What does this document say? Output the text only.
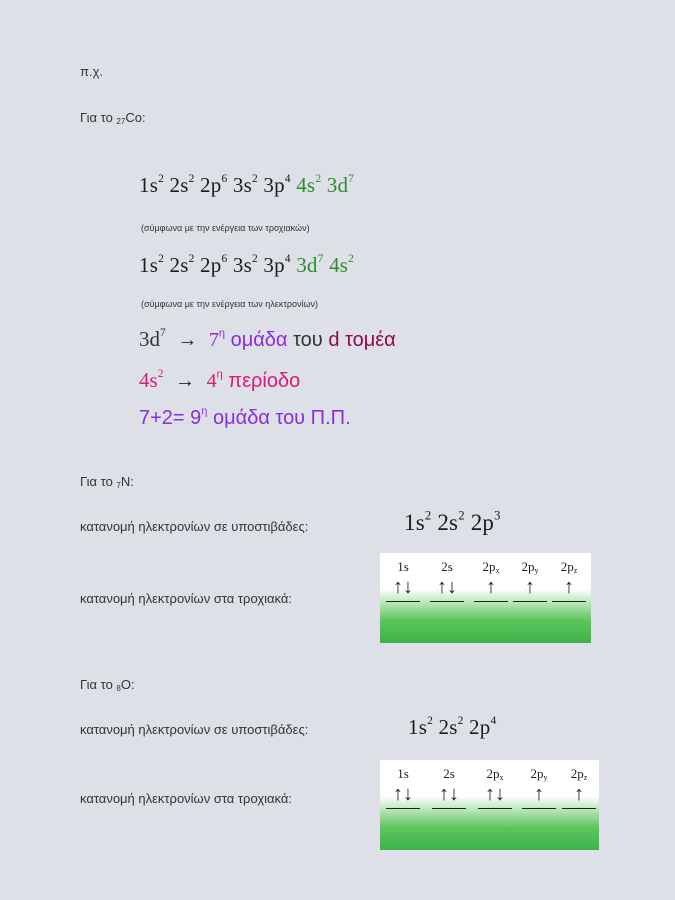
π.χ.
Για το $_{27}$Co:
$1s^2$ $2s^2$ $2p^6$ $3s^2$ $3p^4$ $4s^2$ $3d^7$
(σύμφωνα με την ενέργεια των τροχιακών)
$1s^2$ $2s^2$ $2p^6$ $3s^2$ $3p^4$ $3d^7$ $4s^2$
(σύμφωνα με την ενέργεια των ηλεκτρονίων)
$3d^7 \to 7^\eta$ ομάδα του d τομέα
$4s^2 \to 4^\eta$ περίοδο
$7+2= 9^\eta$ ομάδα του Π.Π.
Για το $_7$N:
κατανομή ηλεκτρονίων σε υποστιβάδες:	$1s^2$ $2s^2$ $2p^3$
κατανομή ηλεκτρονίων στα τροχιακά:
1s
↑↓
2s
↑↓
$2p_x$
↑
$2p_y$
↑
$2p_z$
↑
Για το $_8$O:
κατανομή ηλεκτρονίων σε υποστιβάδες:	$1s^2$ $2s^2$ $2p^4$
κατανομή ηλεκτρονίων στα τροχιακά:
1s
↑↓
2s
↑↓
$2p_x$
↑↓
$2p_y$
↑
$2p_z$
↑
